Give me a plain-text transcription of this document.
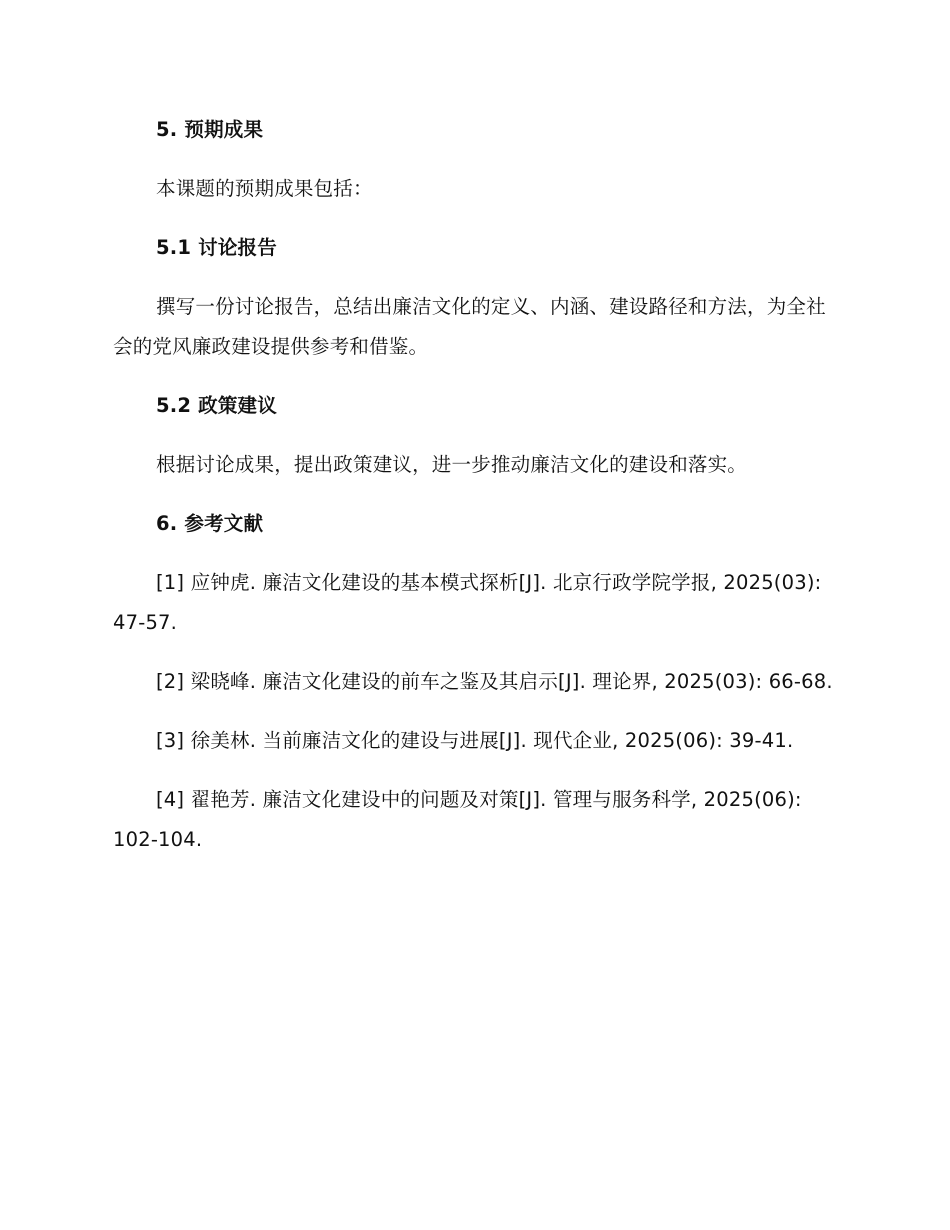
5. 预期成果

本课题的预期成果包括：

5.1 讨论报告

撰写一份讨论报告，总结出廉洁文化的定义、内涵、建设路径和方法，为全社会的党风廉政建设提供参考和借鉴。

5.2 政策建议

根据讨论成果，提出政策建议，进一步推动廉洁文化的建设和落实。

6. 参考文献

[1] 应钟虎. 廉洁文化建设的基本模式探析[J]. 北京行政学院学报, 2025(03): 47-57.

[2] 梁晓峰. 廉洁文化建设的前车之鉴及其启示[J]. 理论界, 2025(03): 66-68.

[3] 徐美林. 当前廉洁文化的建设与进展[J]. 现代企业, 2025(06): 39-41.

[4] 翟艳芳. 廉洁文化建设中的问题及对策[J]. 管理与服务科学, 2025(06): 102-104.
